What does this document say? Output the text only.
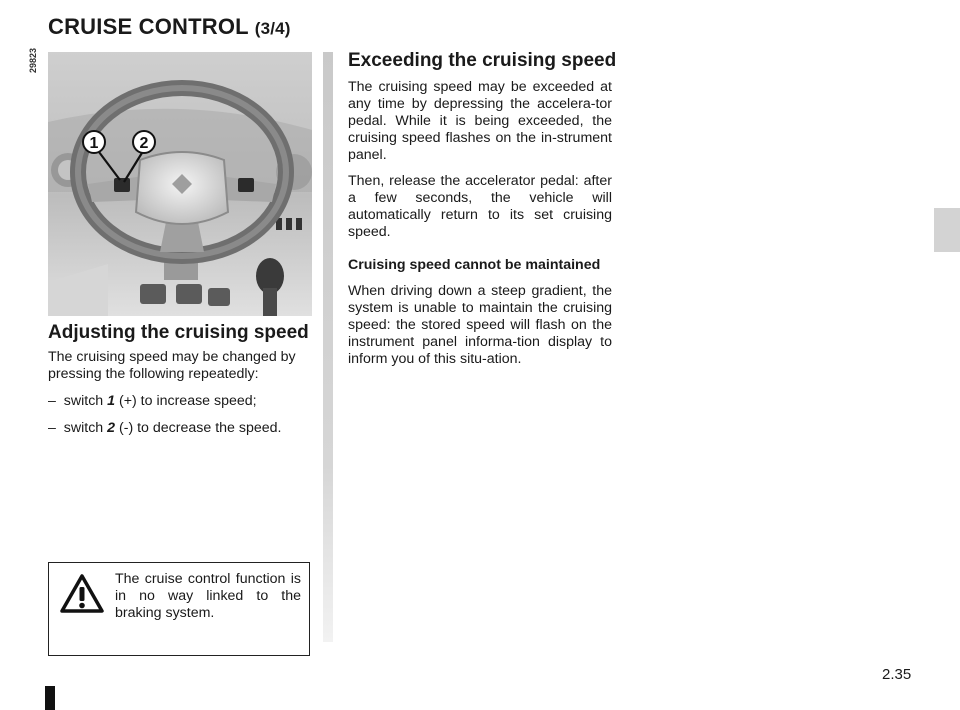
CRUISE CONTROL (3/4)
29823
1	2
Adjusting the cruising speed

The cruising speed may be changed by pressing the following repeatedly:

– switch 1 (+) to increase speed;
– switch 2 (-) to decrease the speed.
Exceeding the cruising speed

The cruising speed may be exceeded at any time by depressing the accelera-tor pedal. While it is being exceeded, the cruising speed flashes on the in-strument panel.

Then, release the accelerator pedal: after a few seconds, the vehicle will automatically return to its set cruising speed.

Cruising speed cannot be maintained

When driving down a steep gradient, the system is unable to maintain the cruising speed: the stored speed will flash on the instrument panel informa-tion display to inform you of this situ-ation.

The cruise control function is in no way linked to the braking system.
2.35
